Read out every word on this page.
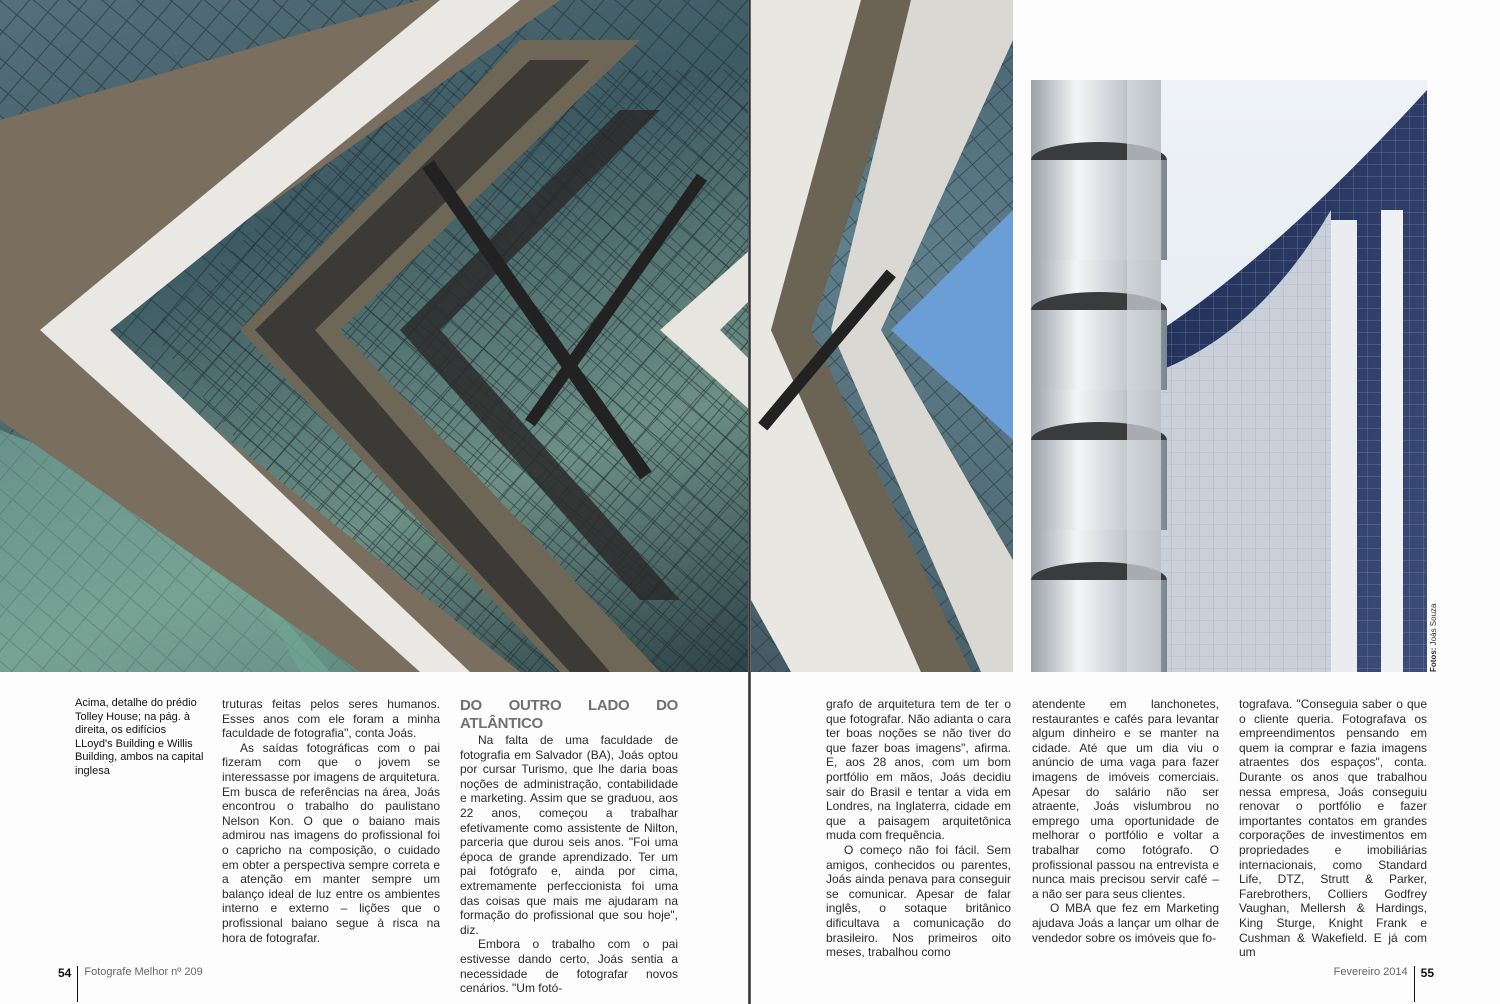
Acima, detalhe do prédio Tolley House; na pág. à direita, os edifícios LLoyd's Building e Willis Building, ambos na capital inglesa

truturas feitas pelos seres humanos. Esses anos com ele foram a minha faculdade de fotografia", conta Joás.

As saídas fotográficas com o pai fizeram com que o jovem se interessasse por imagens de arquitetura. Em busca de referências na área, Joás encontrou o trabalho do paulistano Nelson Kon. O que o baiano mais admirou nas imagens do profissional foi o capricho na composição, o cuidado em obter a perspectiva sempre correta e a atenção em manter sempre um balanço ideal de luz entre os ambientes interno e externo – lições que o profissional baiano segue à risca na hora de fotografar.

DO OUTRO LADO DO ATLÂNTICO

Na falta de uma faculdade de fotografia em Salvador (BA), Joás optou por cursar Turismo, que lhe daria boas noções de administração, contabilidade e marketing. Assim que se graduou, aos 22 anos, começou a trabalhar efetivamente como assistente de Nilton, parceria que durou seis anos. "Foi uma época de grande aprendizado. Ter um pai fotógrafo e, ainda por cima, extremamente perfeccionista foi uma das coisas que mais me ajudaram na formação do profissional que sou hoje", diz.

Embora o trabalho com o pai estivesse dando certo, Joás sentia a necessidade de fotografar novos cenários. "Um fotó-

54 Fotografe Melhor nº 209
Fotos: Joás Souza

grafo de arquitetura tem de ter o que fotografar. Não adianta o cara ter boas noções se não tiver do que fazer boas imagens", afirma. E, aos 28 anos, com um bom portfólio em mãos, Joás decidiu sair do Brasil e tentar a vida em Londres, na Inglaterra, cidade em que a paisagem arquitetônica muda com frequência.

O começo não foi fácil. Sem amigos, conhecidos ou parentes, Joás ainda penava para conseguir se comunicar. Apesar de falar inglês, o sotaque britânico dificultava a comunicação do brasileiro. Nos primeiros oito meses, trabalhou como

atendente em lanchonetes, restaurantes e cafés para levantar algum dinheiro e se manter na cidade. Até que um dia viu o anúncio de uma vaga para fazer imagens de imóveis comerciais. Apesar do salário não ser atraente, Joás vislumbrou no emprego uma oportunidade de melhorar o portfólio e voltar a trabalhar como fotógrafo. O profissional passou na entrevista e nunca mais precisou servir café – a não ser para seus clientes.

O MBA que fez em Marketing ajudava Joás a lançar um olhar de vendedor sobre os imóveis que fo-

tografava. "Conseguia saber o que o cliente queria. Fotografava os empreendimentos pensando em quem ia comprar e fazia imagens atraentes dos espaços", conta. Durante os anos que trabalhou nessa empresa, Joás conseguiu renovar o portfólio e fazer importantes contatos em grandes corporações de investimentos em propriedades e imobiliárias internacionais, como Standard Life, DTZ, Strutt & Parker, Farebrothers, Colliers Godfrey Vaughan, Mellersh & Hardings, King Sturge, Knight Frank e Cushman & Wakefield. E já com um

Fevereiro 2014 55
